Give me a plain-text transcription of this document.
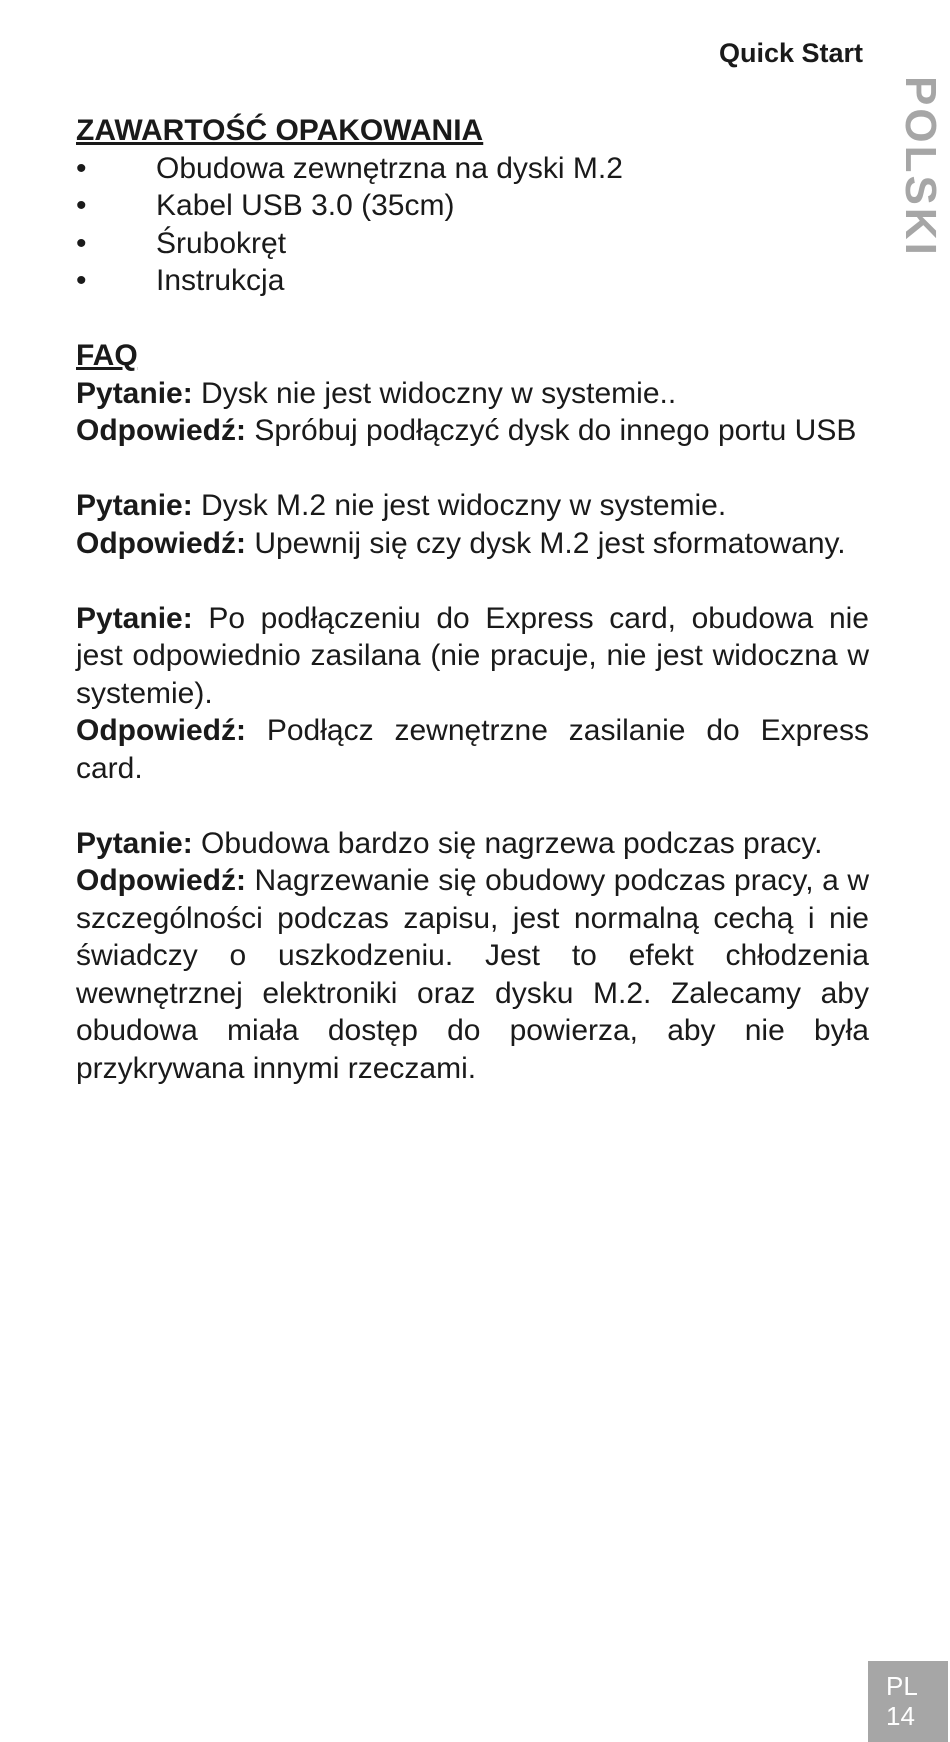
Quick Start
POLSKI

ZAWARTOŚĆ OPAKOWANIA

• Obudowa zewnętrzna na dyski M.2
• Kabel USB 3.0 (35cm)
• Śrubokręt
• Instrukcja

FAQ

Pytanie: Dysk nie jest widoczny w systemie..

Odpowiedź: Spróbuj podłączyć dysk do innego portu USB

Pytanie: Dysk M.2 nie jest widoczny w systemie.

Odpowiedź: Upewnij się czy dysk M.2 jest sformatowany.

Pytanie: Po podłączeniu do Express card, obudowa nie jest odpowiednio zasilana (nie pracuje, nie jest widoczna w systemie).

Odpowiedź: Podłącz zewnętrzne zasilanie do Express card.

Pytanie: Obudowa bardzo się nagrzewa podczas pracy.

Odpowiedź: Nagrzewanie się obudowy podczas pracy, a w szczególności podczas zapisu, jest normalną cechą i nie świadczy o uszkodzeniu. Jest to efekt chłodzenia wewnętrznej elektroniki oraz dysku M.2. Zalecamy aby obudowa miała dostęp do powierza, aby nie była przykrywana innymi rzeczami.

PL
14
